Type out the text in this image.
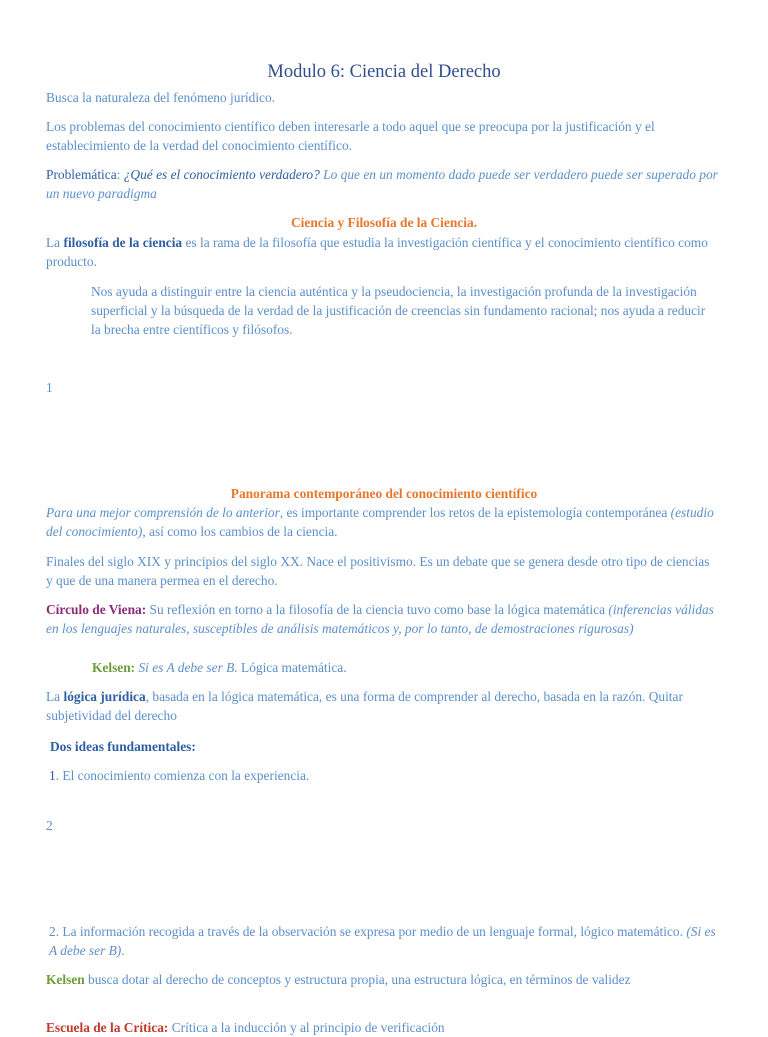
Modulo 6: Ciencia del Derecho

Busca la naturaleza del fenómeno jurídico.

Los problemas del conocimiento científico deben interesarle a todo aquel que se preocupa por la justificación y el establecimiento de la verdad del conocimiento científico.

Problemática: ¿Qué es el conocimiento verdadero? Lo que en un momento dado puede ser verdadero puede ser superado por un nuevo paradigma

Ciencia y Filosofía de la Ciencia.

La filosofía de la ciencia es la rama de la filosofía que estudia la investigación científica y el conocimiento científico como producto.

Nos ayuda a distinguir entre la ciencia auténtica y la pseudociencia, la investigación profunda de la investigación superficial y la búsqueda de la verdad de la justificación de creencias sin fundamento racional; nos ayuda a reducir la brecha entre científicos y filósofos.

1
Panorama contemporáneo del conocimiento científico

Para una mejor comprensión de lo anterior, es importante comprender los retos de la epistemología contemporánea (estudio del conocimiento), así como los cambios de la ciencia.

Finales del siglo XIX y principios del siglo XX. Nace el positivismo. Es un debate que se genera desde otro tipo de ciencias y que de una manera permea en el derecho.

Círculo de Viena: Su reflexión en torno a la filosofía de la ciencia tuvo como base la lógica matemática (inferencias válidas en los lenguajes naturales, susceptibles de análisis matemáticos y, por lo tanto, de demostraciones rigurosas)

Kelsen: Si es A debe ser B. Lógica matemática.

La lógica jurídica, basada en la lógica matemática, es una forma de comprender al derecho, basada en la razón. Quitar subjetividad del derecho

Dos ideas fundamentales:

1. El conocimiento comienza con la experiencia.

2

2. La información recogida a través de la observación se expresa por medio de un lenguaje formal, lógico matemático. (Si es A debe ser B).

Kelsen busca dotar al derecho de conceptos y estructura propia, una estructura lógica, en términos de validez

Escuela de la Crítica: Crítica a la inducción y al principio de verificación
